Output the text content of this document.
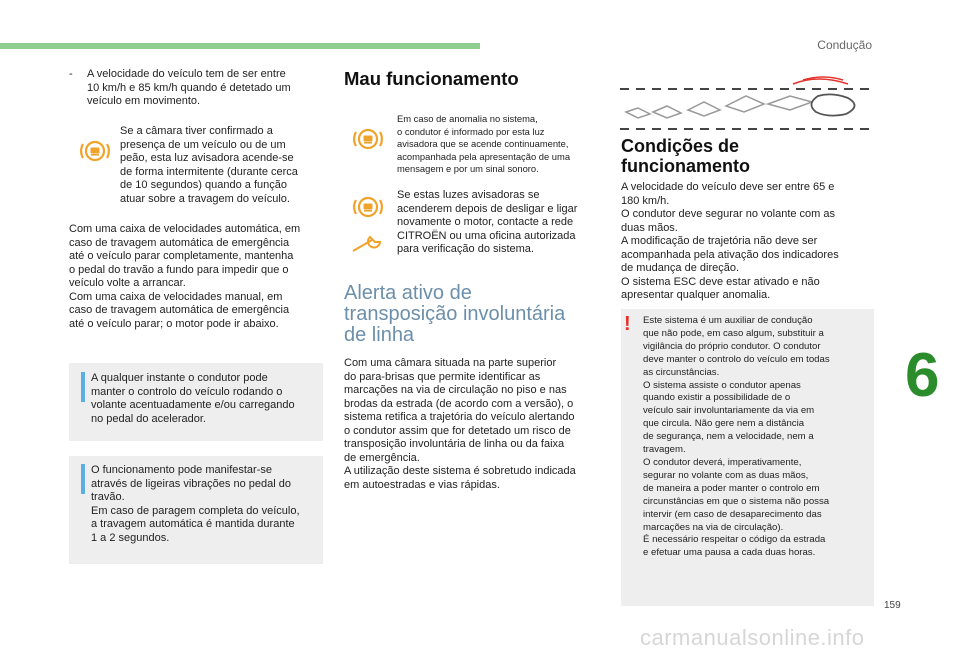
Condução
-	A velocidade do veículo tem de ser entre
10 km/h e 85 km/h quando é detetado um
veículo em movimento.
Se a câmara tiver confirmado a
presença de um veículo ou de um
peão, esta luz avisadora acende-se
de forma intermitente (durante cerca
de 10 segundos) quando a função
atuar sobre a travagem do veículo.
Com uma caixa de velocidades automática, em
caso de travagem automática de emergência
até o veículo parar completamente, mantenha
o pedal do travão a fundo para impedir que o
veículo volte a arrancar.
Com uma caixa de velocidades manual, em
caso de travagem automática de emergência
até o veículo parar; o motor pode ir abaixo.
A qualquer instante o condutor pode
manter o controlo do veículo rodando o
volante acentuadamente e/ou carregando
no pedal do acelerador.
O funcionamento pode manifestar-se
através de ligeiras vibrações no pedal do
travão.
Em caso de paragem completa do veículo,
a travagem automática é mantida durante
1 a 2 segundos.
Mau funcionamento
Em caso de anomalia no sistema,
o condutor é informado por esta luz
avisadora que se acende continuamente,
acompanhada pela apresentação de uma
mensagem e por um sinal sonoro.
Se estas luzes avisadoras se
acenderem depois de desligar e ligar
novamente o motor, contacte a rede
CITROËN ou uma oficina autorizada
para verificação do sistema.
Alerta ativo de
transposição involuntária
de linha
Com uma câmara situada na parte superior
do para-brisas que permite identificar as
marcações na via de circulação no piso e nas
brodas da estrada (de acordo com a versão), o
sistema retifica a trajetória do veículo alertando
o condutor assim que for detetado um risco de
transposição involuntária de linha ou da faixa
de emergência.
A utilização deste sistema é sobretudo indicada
em autoestradas e vias rápidas.
Condições de
funcionamento
A velocidade do veículo deve ser entre 65 e
180 km/h.
O condutor deve segurar no volante com as
duas mãos.
A modificação de trajetória não deve ser
acompanhada pela ativação dos indicadores
de mudança de direção.
O sistema ESC deve estar ativado e não
apresentar qualquer anomalia.
! Este sistema é um auxiliar de condução
que não pode, em caso algum, substituir a
vigilância do próprio condutor. O condutor
deve manter o controlo do veículo em todas
as circunstâncias.
O sistema assiste o condutor apenas
quando existir a possibilidade de o
veículo sair involuntariamente da via em
que circula. Não gere nem a distância
de segurança, nem a velocidade, nem a
travagem.
O condutor deverá, imperativamente,
segurar no volante com as duas mãos,
de maneira a poder manter o controlo em
circunstâncias em que o sistema não possa
intervir (em caso de desaparecimento das
marcações na via de circulação).
É necessário respeitar o código da estrada
e efetuar uma pausa a cada duas horas.
6
159
carmanualsonline.info
